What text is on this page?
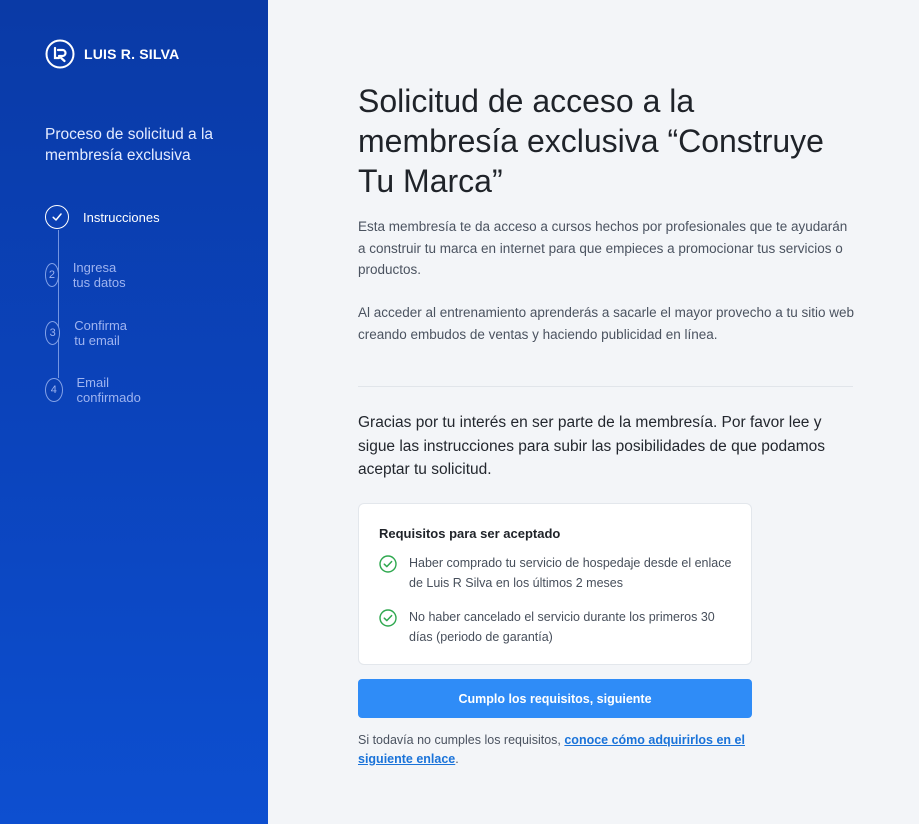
LUIS R. SILVA
Proceso de solicitud a la membresía exclusiva
Instrucciones
2 Ingresa tus datos
3	Confirma tu email
4	Email confirmado
Solicitud de acceso a la membresía exclusiva “Construye Tu Marca”

Esta membresía te da acceso a cursos hechos por profesionales que te ayudarán a construir tu marca en internet para que empieces a promocionar tus servicios o productos.

Al acceder al entrenamiento aprenderás a sacarle el mayor provecho a tu sitio web creando embudos de ventas y haciendo publicidad en línea.

Gracias por tu interés en ser parte de la membresía. Por favor lee y sigue las instrucciones para subir las posibilidades de que podamos aceptar tu solicitud.

Requisitos para ser aceptado
Haber comprado tu servicio de hospedaje desde el enlace de Luis R Silva en los últimos 2 meses
No haber cancelado el servicio durante los primeros 30 días (periodo de garantía)
Cumplo los requisitos, siguiente

Si todavía no cumples los requisitos, conoce cómo adquirirlos en el siguiente enlace.
